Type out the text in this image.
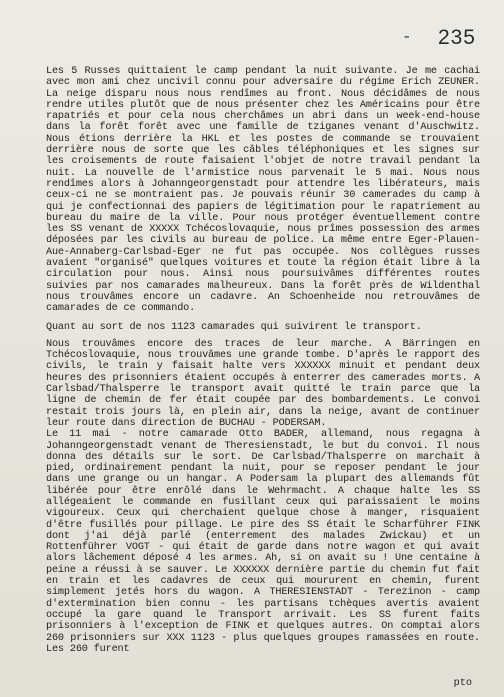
- 235

Les 5 Russes quittaient le camp pendant la nuit suivante. Je me cachai avec mon ami chez uncivil connu pour adversaire du régime Erich ZEUNER. La neige disparu nous nous rendîmes au front. Nous décidâmes de nous rendre utiles plutôt que de nous présenter chez les Américains pour être rapatriés et pour cela nous cherchâmes un abri dans un week-end-house dans la forêt forêt avec une famille de tziganes venant d'Auschwitz. Nous étions derrière la HKL et les postes de commande se trouvaient derrière nous de sorte que les câbles téléphoniques et les signes sur les croisements de route faisaient l'objet de notre travail pendant la nuit. La nouvelle de l'armistice nous parvenait le 5 mai. Nous nous rendîmes alors à Johanngeorgenstadt pour attendre les libérateurs, mais ceux-ci ne se montraient pas. Je pouvais réunir 30 camerades du camp à qui je confectionnai des papiers de légitimation pour le rapatriement au bureau du maire de la ville. Pour nous protéger éventuellement contre les SS venant de XXXXX Tchécoslovaquie, nous prîmes possession des armes déposées par les civils au bureau de police. La même entre Eger-Plauen-Aue-Annaberg-Carlsbad-Eger ne fut pas occupée. Nos collègues russes avaient "organisé" quelques voitures et toute la région était libre à la circulation pour nous. Ainsi nous poursuivâmes différentes routes suivies par nos camarades malheureux. Dans la forêt près de Wildenthal nous trouvâmes encore un cadavre. An Schoenheide nou retrouvâmes de camarades de ce commando.

Quant au sort de nos 1123 camarades qui suivirent le transport.

Nous trouvâmes encore des traces de leur marche. A Bärringen en Tchécoslovaquie, nous trouvâmes une grande tombe. D'après le rapport des civils, le train y faisait halte vers XXXXXX minuit et pendant deux heures des prisonniers étaient occupés à enterrer des camerades morts. A Carlsbad/Thalsperre le transport avait quitté le train parce que la ligne de chemin de fer était coupée par des bombardements. Le convoi restait trois jours là, en plein air, dans la neige, avant de continuer leur route dans direction de BUCHAU - PODERSAM.

Le 11 mai - notre camarade Otto BADER, allemand, nous regagna à Johanngeorgenstadt venant de Theresienstadt, le but du convoi. Il nous donna des détails sur le sort. De Carlsbad/Thalsperre on marchait à pied, ordinairement pendant la nuit, pour se reposer pendant le jour dans une grange ou un hangar. A Podersam la plupart des allemands fût libérée pour être enrôlé dans le Wehrmacht. A chaque halte les SS allégeaient le commande en fusillant ceux qui paraissaient le moins vigoureux. Ceux qui cherchaient quelque chose à manger, risquaient d'être fusillés pour pillage. Le pire des SS était le Scharführer FINK dont j'ai déjà parlé (enterrement des malades Zwickau) et un Rottenführer VOGT - qui était de garde dans notre wagon et qui avait alors lâchement déposé 4 les armes. Ah, si on avait su ! Une centaine à peine a réussi à se sauver. Le XXXXXX dernière partie du chemin fut fait en train et les cadavres de ceux qui moururent en chemin, furent simplement jetés hors du wagon. A THERESIENSTADT - Terezinon - camp d'extermination bien connu - les partisans tchèques avertis avaient occupé la gare quand le Transport arrivait. Les SS furent faits prisonniers à l'exception de FINK et quelques autres. On comptai alors 260 prisonniers sur XXX 1123 - plus quelques groupes ramassées en route. Les 260 furent

pto
